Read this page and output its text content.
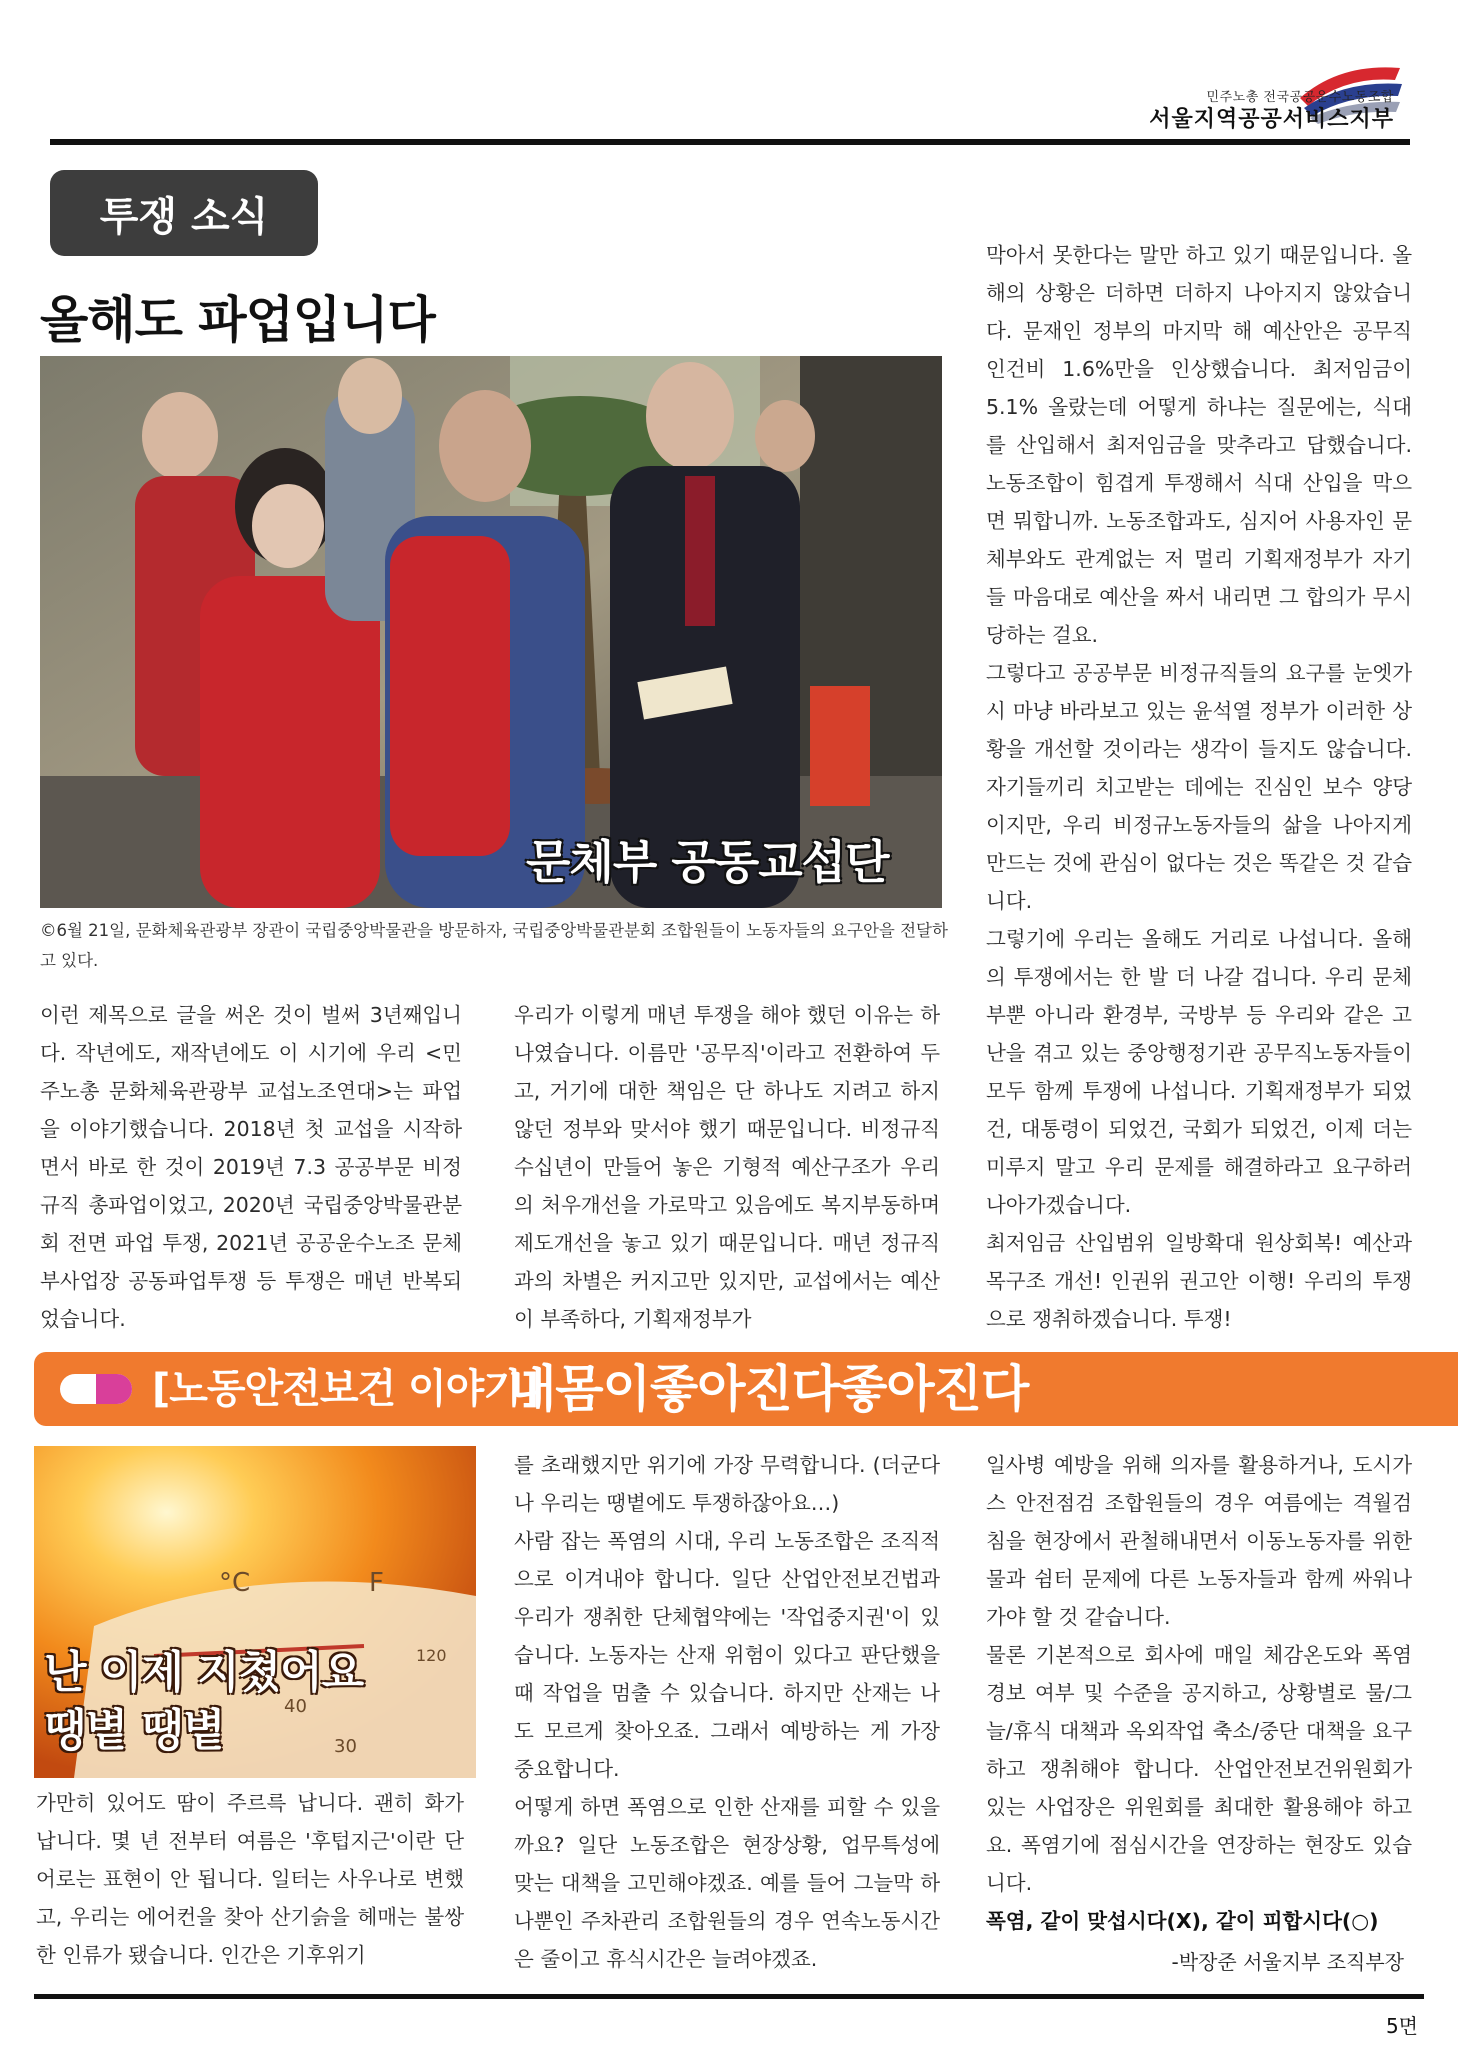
민주노총 전국공공운수노동조합
서울지역공공서비스지부
투쟁 소식
올해도 파업입니다
문체부 공동교섭단
©6월 21일, 문화체육관광부 장관이 국립중앙박물관을 방문하자, 국립중앙박물관분회 조합원들이 노동자들의 요구안을 전달하고 있다.

이런 제목으로 글을 써온 것이 벌써 3년째입니다. 작년에도, 재작년에도 이 시기에 우리 <민주노총 문화체육관광부 교섭노조연대>는 파업을 이야기했습니다. 2018년 첫 교섭을 시작하면서 바로 한 것이 2019년 7.3 공공부문 비정규직 총파업이었고, 2020년 국립중앙박물관분회 전면 파업 투쟁, 2021년 공공운수노조 문체부사업장 공동파업투쟁 등 투쟁은 매년 반복되었습니다.

우리가 이렇게 매년 투쟁을 해야 했던 이유는 하나였습니다. 이름만 '공무직'이라고 전환하여 두고, 거기에 대한 책임은 단 하나도 지려고 하지 않던 정부와 맞서야 했기 때문입니다. 비정규직 수십년이 만들어 놓은 기형적 예산구조가 우리의 처우개선을 가로막고 있음에도 복지부동하며 제도개선을 놓고 있기 때문입니다. 매년 정규직과의 차별은 커지고만 있지만, 교섭에서는 예산이 부족하다, 기획재정부가

막아서 못한다는 말만 하고 있기 때문입니다. 올해의 상황은 더하면 더하지 나아지지 않았습니다. 문재인 정부의 마지막 해 예산안은 공무직 인건비 1.6%만을 인상했습니다. 최저임금이 5.1% 올랐는데 어떻게 하냐는 질문에는, 식대를 산입해서 최저임금을 맞추라고 답했습니다. 노동조합이 힘겹게 투쟁해서 식대 산입을 막으면 뭐합니까. 노동조합과도, 심지어 사용자인 문체부와도 관계없는 저 멀리 기획재정부가 자기들 마음대로 예산을 짜서 내리면 그 합의가 무시당하는 걸요.

그렇다고 공공부문 비정규직들의 요구를 눈엣가시 마냥 바라보고 있는 윤석열 정부가 이러한 상황을 개선할 것이라는 생각이 들지도 않습니다. 자기들끼리 치고받는 데에는 진심인 보수 양당이지만, 우리 비정규노동자들의 삶을 나아지게 만드는 것에 관심이 없다는 것은 똑같은 것 같습니다.

그렇기에 우리는 올해도 거리로 나섭니다. 올해의 투쟁에서는 한 발 더 나갈 겁니다. 우리 문체부뿐 아니라 환경부, 국방부 등 우리와 같은 고난을 겪고 있는 중앙행정기관 공무직노동자들이 모두 함께 투쟁에 나섭니다. 기획재정부가 되었건, 대통령이 되었건, 국회가 되었건, 이제 더는 미루지 말고 우리 문제를 해결하라고 요구하러 나아가겠습니다.

최저임금 산입범위 일방확대 원상회복! 예산과목구조 개선! 인권위 권고안 이행! 우리의 투쟁으로 쟁취하겠습니다. 투쟁!

[노동안전보건 이야기]
내몸이좋아진다좋아진다
°C	F
120
40
30
난 이제 지쳤어요
땡볕 땡볕

가만히 있어도 땀이 주르륵 납니다. 괜히 화가 납니다. 몇 년 전부터 여름은 '후텁지근'이란 단어로는 표현이 안 됩니다. 일터는 사우나로 변했고, 우리는 에어컨을 찾아 산기슭을 헤매는 불쌍한 인류가 됐습니다. 인간은 기후위기

를 초래했지만 위기에 가장 무력합니다. (더군다나 우리는 땡볕에도 투쟁하잖아요…)

사람 잡는 폭염의 시대, 우리 노동조합은 조직적으로 이겨내야 합니다. 일단 산업안전보건법과 우리가 쟁취한 단체협약에는 '작업중지권'이 있습니다. 노동자는 산재 위험이 있다고 판단했을 때 작업을 멈출 수 있습니다. 하지만 산재는 나도 모르게 찾아오죠. 그래서 예방하는 게 가장 중요합니다.

어떻게 하면 폭염으로 인한 산재를 피할 수 있을까요? 일단 노동조합은 현장상황, 업무특성에 맞는 대책을 고민해야겠죠. 예를 들어 그늘막 하나뿐인 주차관리 조합원들의 경우 연속노동시간은 줄이고 휴식시간은 늘려야겠죠.

일사병 예방을 위해 의자를 활용하거나, 도시가스 안전점검 조합원들의 경우 여름에는 격월검침을 현장에서 관철해내면서 이동노동자를 위한 물과 쉼터 문제에 다른 노동자들과 함께 싸워나가야 할 것 같습니다.

물론 기본적으로 회사에 매일 체감온도와 폭염경보 여부 및 수준을 공지하고, 상황별로 물/그늘/휴식 대책과 옥외작업 축소/중단 대책을 요구하고 쟁취해야 합니다. 산업안전보건위원회가 있는 사업장은 위원회를 최대한 활용해야 하고요. 폭염기에 점심시간을 연장하는 현장도 있습니다.

폭염, 같이 맞섭시다(X), 같이 피합시다(○)

-박장준 서울지부 조직부장
5면
